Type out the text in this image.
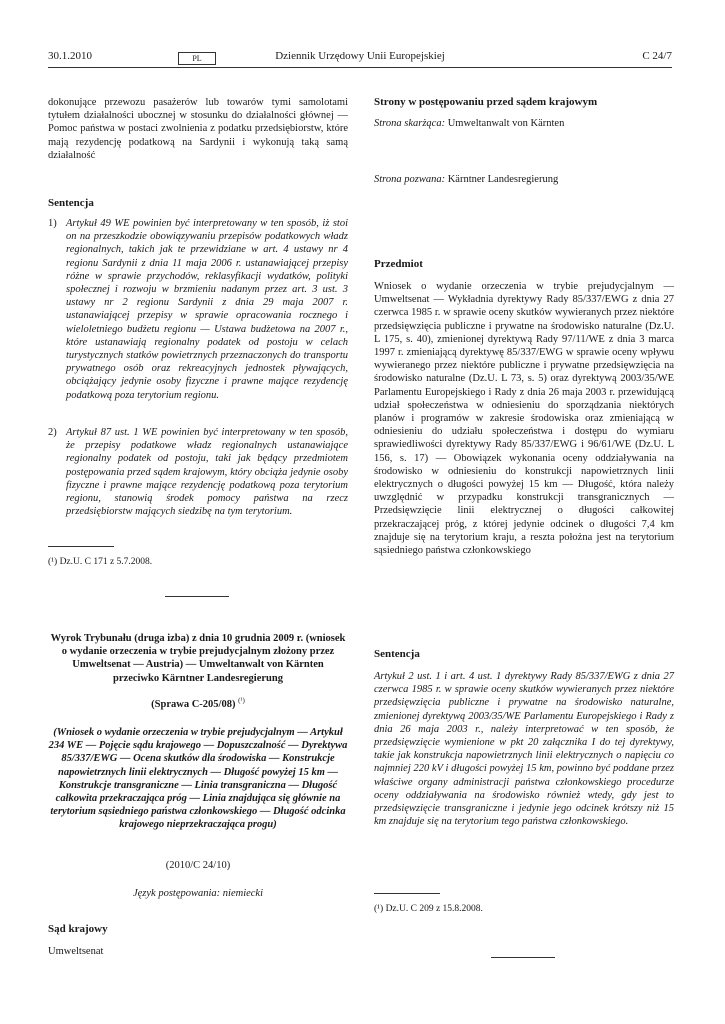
30.1.2010	Dziennik Urzędowy Unii Europejskiej
PL	C 24/7

dokonujące przewozu pasażerów lub towarów tymi samolotami tytułem działalności ubocznej w stosunku do działalności głównej — Pomoc państwa w postaci zwolnienia z podatku przedsiębiorstw, które mają rezydencję podatkową na Sardynii i wykonują taką samą działalność

Sentencja
1) Artykuł 49 WE powinien być interpretowany w ten sposób, iż stoi on na przeszkodzie obowiązywaniu przepisów podatkowych władz regionalnych, takich jak te przewidziane w art. 4 ustawy nr 4 regionu Sardynii z dnia 11 maja 2006 r. ustanawiającej przepisy różne w sprawie przychodów, reklasyfikacji wydatków, polityki społecznej i rozwoju w brzmieniu nadanym przez art. 3 ust. 3 ustawy nr 2 regionu Sardynii z dnia 29 maja 2007 r. ustanawiającej przepisy w sprawie opracowania rocznego i wieloletniego budżetu regionu — Ustawa budżetowa na 2007 r., które ustanawiają regionalny podatek od postoju w celach turystycznych statków powietrznych przeznaczonych do transportu prywatnego osób oraz rekreacyjnych jednostek pływających, obciążający jedynie osoby fizyczne i prawne mające rezydencję podatkową poza terytorium regionu.

2) Artykuł 87 ust. 1 WE powinien być interpretowany w ten sposób, że przepisy podatkowe władz regionalnych ustanawiające regionalny podatek od postoju, taki jak będący przedmiotem postępowania przed sądem krajowym, który obciąża jedynie osoby fizyczne i prawne mające rezydencję podatkową poza terytorium regionu, stanowią środek pomocy państwa na rzecz przedsiębiorstw mających siedzibę na tym terytorium.

(¹) Dz.U. C 171 z 5.7.2008.

Wyrok Trybunału (druga izba) z dnia 10 grudnia 2009 r. (wniosek o wydanie orzeczenia w trybie prejudycjalnym złożony przez Umweltsenat — Austria) — Umweltanwalt von Kärnten przeciwko Kärntner Landesregierung

(Sprawa C-205/08) $^{(^1)}$

(Wniosek o wydanie orzeczenia w trybie prejudycjalnym — Artykuł 234 WE — Pojęcie sądu krajowego — Dopuszczalność — Dyrektywa 85/337/EWG — Ocena skutków dla środowiska — Konstrukcje napowietrznych linii elektrycznych — Długość powyżej 15 km — Konstrukcje transgraniczne — Linia transgraniczna — Długość całkowita przekraczająca próg — Linia znajdująca się głównie na terytorium sąsiedniego państwa członkowskiego — Długość odcinka krajowego nieprzekraczająca progu)

(2010/C 24/10)
Język postępowania: niemiecki
Sąd krajowy
Umweltsenat
Strony w postępowaniu przed sądem krajowym
Strona skarżąca: Umweltanwalt von Kärnten
Strona pozwana: Kärntner Landesregierung
Przedmiot

Wniosek o wydanie orzeczenia w trybie prejudycjalnym — Umweltsenat — Wykładnia dyrektywy Rady 85/337/EWG z dnia 27 czerwca 1985 r. w sprawie oceny skutków wywieranych przez niektóre przedsięwzięcia publiczne i prywatne na środowisko naturalne (Dz.U. L 175, s. 40), zmienionej dyrektywą Rady 97/11/WE z dnia 3 marca 1997 r. zmieniającą dyrektywę 85/337/EWG w sprawie oceny wpływu wywieranego przez niektóre publiczne i prywatne przedsięwzięcia na środowisko naturalne (Dz.U. L 73, s. 5) oraz dyrektywą 2003/35/WE Parlamentu Europejskiego i Rady z dnia 26 maja 2003 r. przewidującą udział społeczeństwa w odniesieniu do sporządzania niektórych planów i programów w zakresie środowiska oraz zmieniającą w odniesieniu do udziału społeczeństwa i dostępu do wymiaru sprawiedliwości dyrektywy Rady 85/337/EWG i 96/61/WE (Dz.U. L 156, s. 17) — Obowiązek wykonania oceny oddziaływania na środowisko w odniesieniu do konstrukcji napowietrznych linii elektrycznych o długości powyżej 15 km — Długość, która należy uwzględnić w przypadku konstrukcji transgranicznych — Przedsięwzięcie linii elektrycznej o długości całkowitej przekraczającej próg, z której jedynie odcinek o długości 7,4 km znajduje się na terytorium kraju, a reszta położna jest na terytorium sąsiedniego państwa członkowskiego

Sentencja

Artykuł 2 ust. 1 i art. 4 ust. 1 dyrektywy Rady 85/337/EWG z dnia 27 czerwca 1985 r. w sprawie oceny skutków wywieranych przez niektóre przedsięwzięcia publiczne i prywatne na środowisko naturalne, zmienionej dyrektywą 2003/35/WE Parlamentu Europejskiego i Rady z dnia 26 maja 2003 r., należy interpretować w ten sposób, że przedsięwzięcie wymienione w pkt 20 załącznika I do tej dyrektywy, takie jak konstrukcja napowietrznych linii elektrycznych o napięciu co najmniej 220 kV i długości powyżej 15 km, powinno być poddane przez właściwe organy administracji państwa członkowskiego procedurze oceny oddziaływania na środowisko również wtedy, gdy jest to przedsięwzięcie transgraniczne i jedynie jego odcinek krótszy niż 15 km znajduje się na terytorium tego państwa członkowskiego.

(¹) Dz.U. C 209 z 15.8.2008.
